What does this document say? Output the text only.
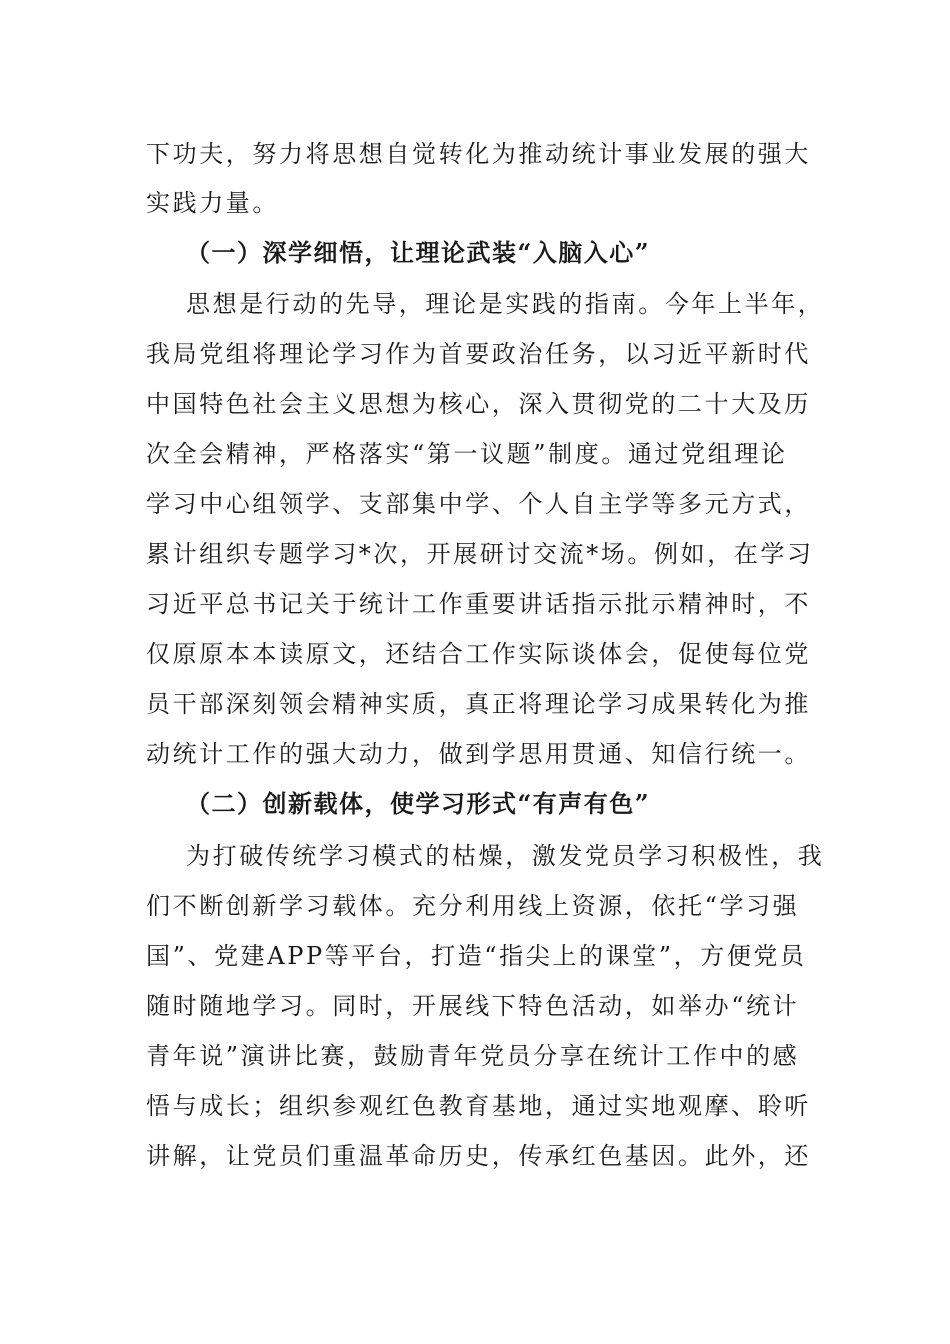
下功夫，努力将思想自觉转化为推动统计事业发展的强大
实践力量。
（一）深学细悟，让理论武装“入脑入心”
思想是行动的先导，理论是实践的指南。今年上半年，
我局党组将理论学习作为首要政治任务，以习近平新时代
中国特色社会主义思想为核心，深入贯彻党的二十大及历
次全会精神，严格落实“第一议题”制度。通过党组理论
学习中心组领学、支部集中学、个人自主学等多元方式，
累计组织专题学习*次，开展研讨交流*场。例如，在学习
习近平总书记关于统计工作重要讲话指示批示精神时，不
仅原原本本读原文，还结合工作实际谈体会，促使每位党
员干部深刻领会精神实质，真正将理论学习成果转化为推
动统计工作的强大动力，做到学思用贯通、知信行统一。
（二）创新载体，使学习形式“有声有色”
为打破传统学习模式的枯燥，激发党员学习积极性，我
们不断创新学习载体。充分利用线上资源，依托“学习强
国”、党建APP等平台，打造“指尖上的课堂”，方便党员
随时随地学习。同时，开展线下特色活动，如举办“统计
青年说”演讲比赛，鼓励青年党员分享在统计工作中的感
悟与成长；组织参观红色教育基地，通过实地观摩、聆听
讲解，让党员们重温革命历史，传承红色基因。此外，还
